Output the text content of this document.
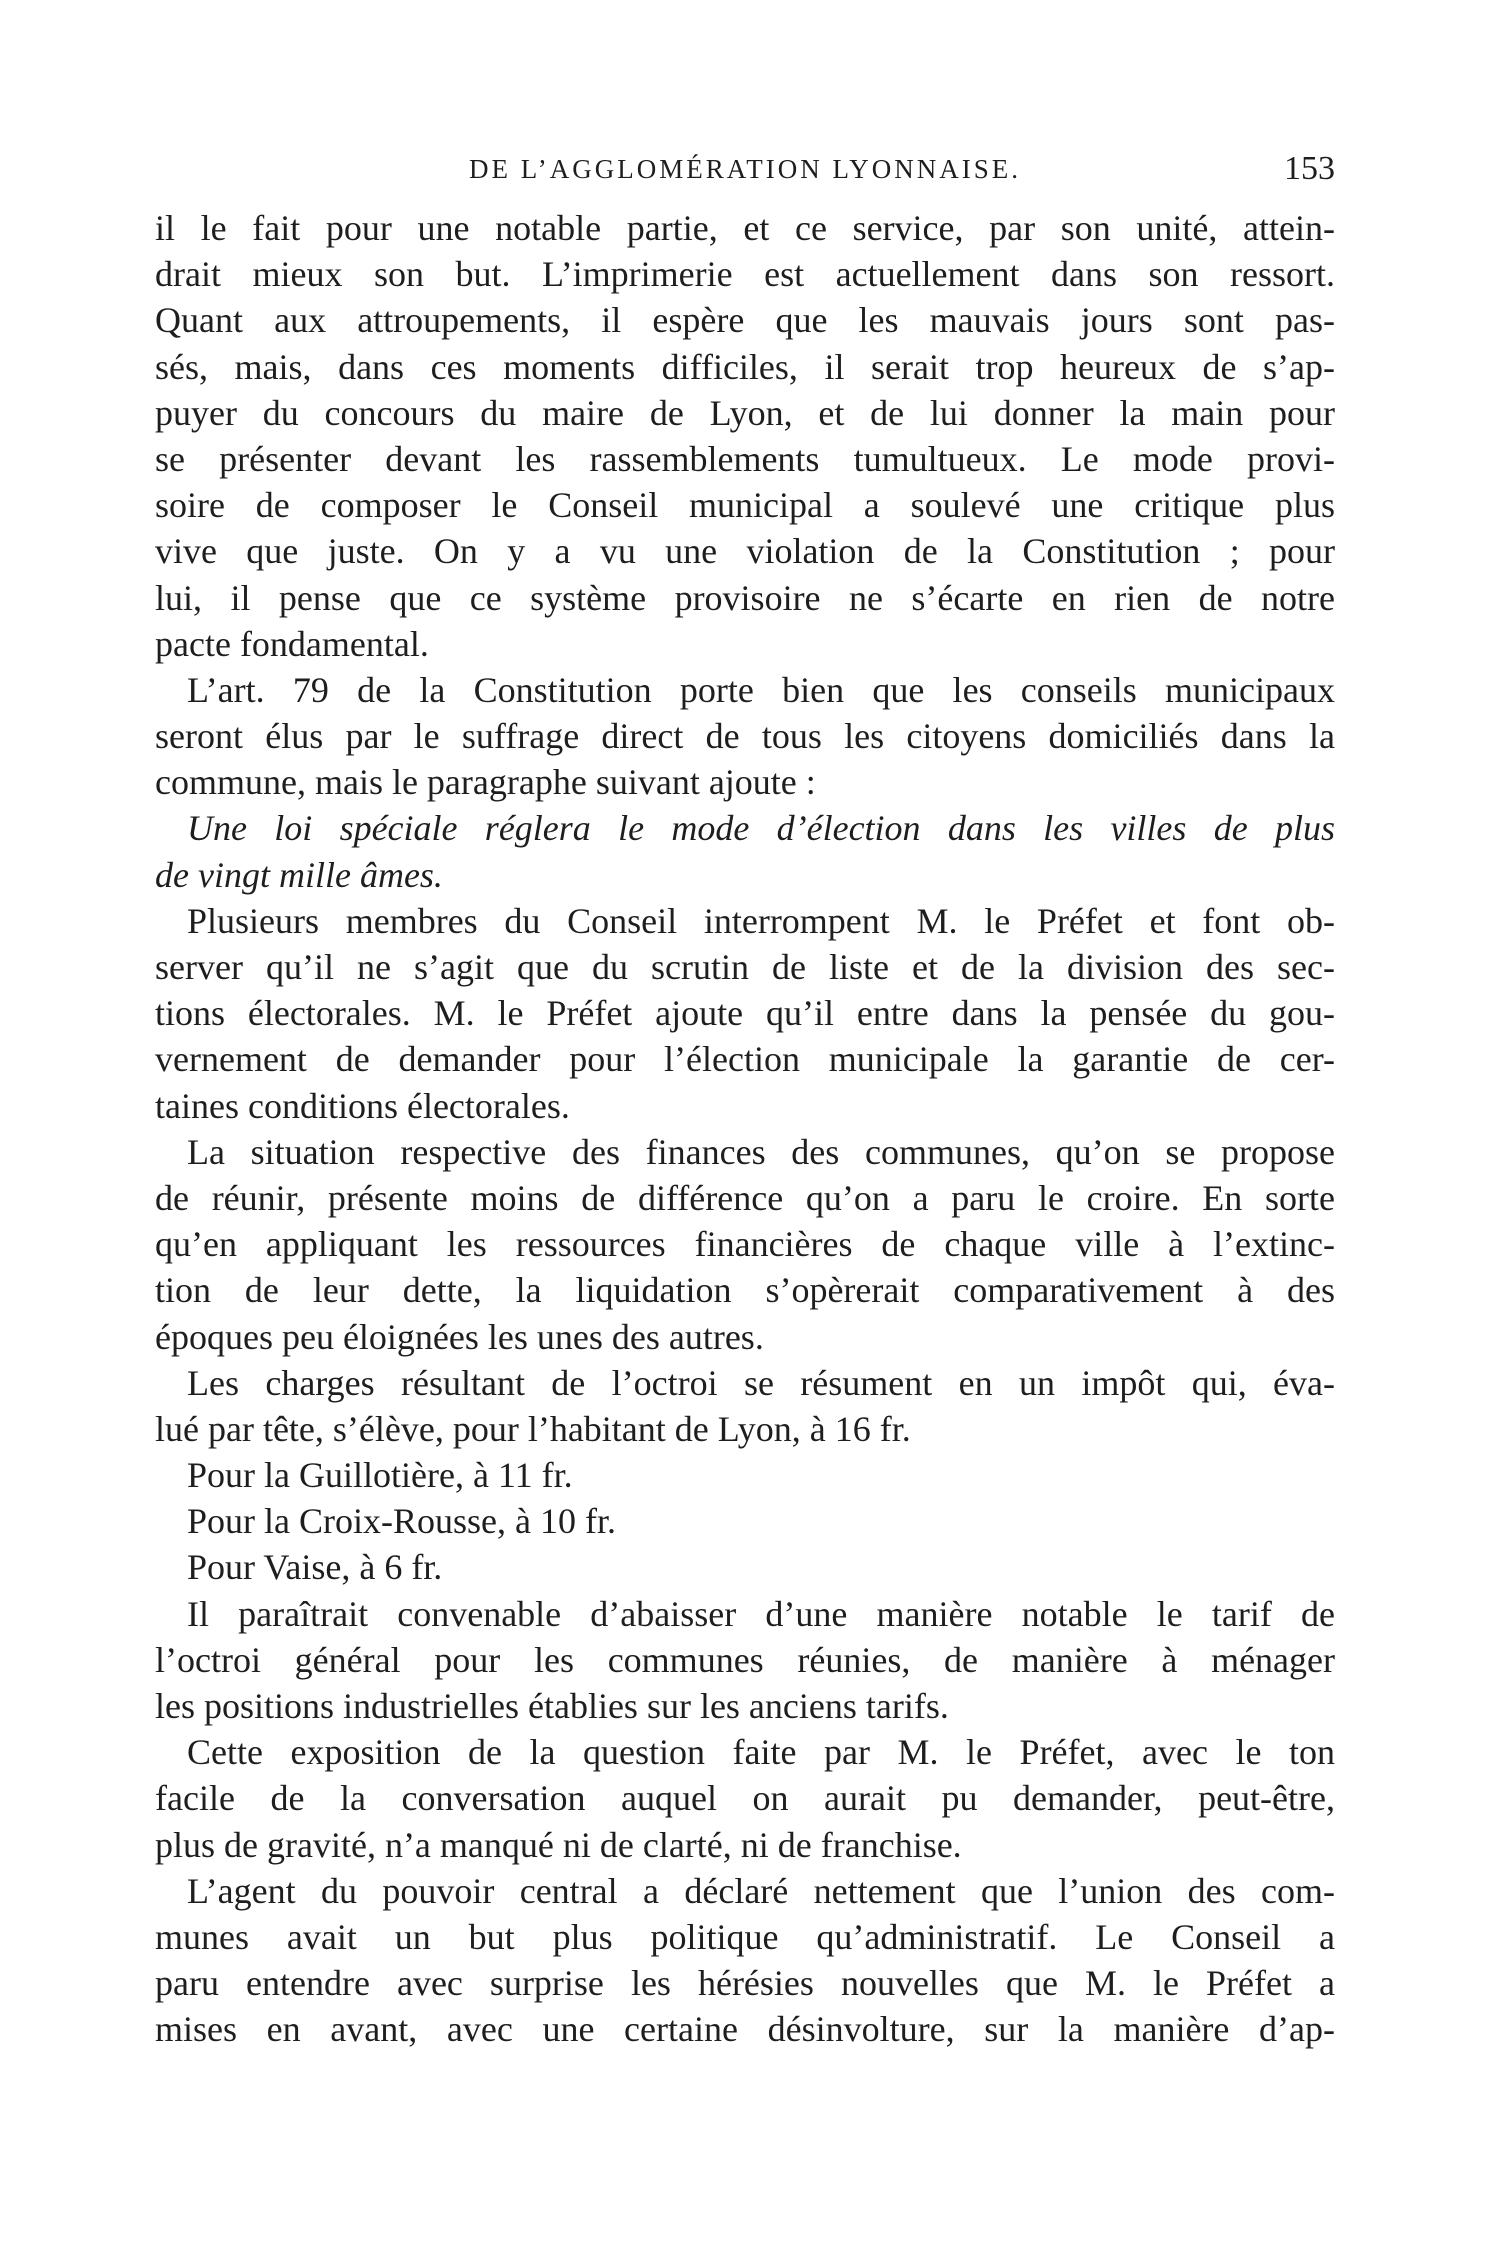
DE L’AGGLOMÉRATION LYONNAISE.	153
il le fait pour une notable partie, et ce service, par son unité, attein-
drait mieux son but. L’imprimerie est actuellement dans son ressort.
Quant aux attroupements, il espère que les mauvais jours sont pas-
sés, mais, dans ces moments difficiles, il serait trop heureux de s’ap-
puyer du concours du maire de Lyon, et de lui donner la main pour
se présenter devant les rassemblements tumultueux. Le mode provi-
soire de composer le Conseil municipal a soulevé une critique plus
vive que juste. On y a vu une violation de la Constitution ; pour
lui, il pense que ce système provisoire ne s’écarte en rien de notre
pacte fondamental.
L’art. 79 de la Constitution porte bien que les conseils municipaux
seront élus par le suffrage direct de tous les citoyens domiciliés dans la
commune, mais le paragraphe suivant ajoute :
Une loi spéciale réglera le mode d’élection dans les villes de plus
de vingt mille âmes.
Plusieurs membres du Conseil interrompent M. le Préfet et font ob-
server qu’il ne s’agit que du scrutin de liste et de la division des sec-
tions électorales. M. le Préfet ajoute qu’il entre dans la pensée du gou-
vernement de demander pour l’élection municipale la garantie de cer-
taines conditions électorales.
La situation respective des finances des communes, qu’on se propose
de réunir, présente moins de différence qu’on a paru le croire. En sorte
qu’en appliquant les ressources financières de chaque ville à l’extinc-
tion de leur dette, la liquidation s’opèrerait comparativement à des
époques peu éloignées les unes des autres.
Les charges résultant de l’octroi se résument en un impôt qui, éva-
lué par tête, s’élève, pour l’habitant de Lyon, à 16 fr.
Pour la Guillotière, à 11 fr.
Pour la Croix-Rousse, à 10 fr.
Pour Vaise, à 6 fr.
Il paraîtrait convenable d’abaisser d’une manière notable le tarif de
l’octroi général pour les communes réunies, de manière à ménager
les positions industrielles établies sur les anciens tarifs.
Cette exposition de la question faite par M. le Préfet, avec le ton
facile de la conversation auquel on aurait pu demander, peut-être,
plus de gravité, n’a manqué ni de clarté, ni de franchise.
L’agent du pouvoir central a déclaré nettement que l’union des com-
munes avait un but plus politique qu’administratif. Le Conseil a
paru entendre avec surprise les hérésies nouvelles que M. le Préfet a
mises en avant, avec une certaine désinvolture, sur la manière d’ap-
